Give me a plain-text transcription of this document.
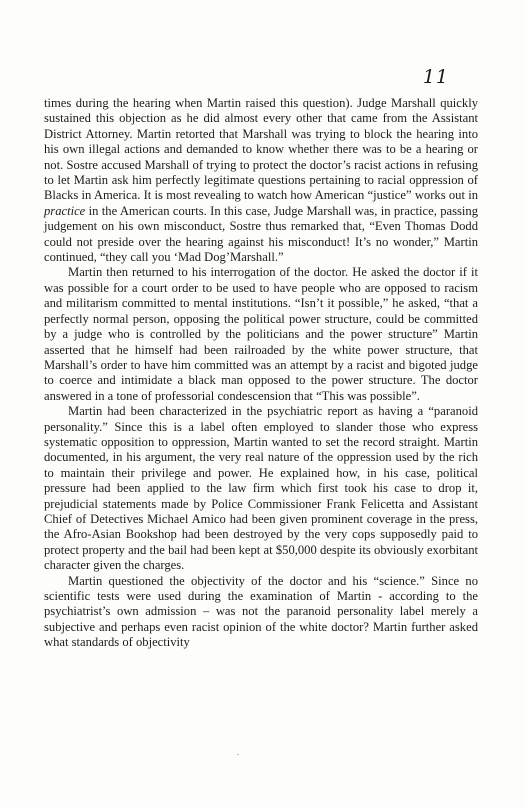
11

times during the hearing when Martin raised this question). Judge Marshall quickly sustained this objection as he did almost every other that came from the Assistant District Attorney. Martin retorted that Marshall was trying to block the hearing into his own illegal actions and demanded to know whether there was to be a hearing or not. Sostre accused Marshall of trying to protect the doctor’s racist actions in refusing to let Martin ask him perfectly legitimate questions pertaining to racial oppression of Blacks in America. It is most revealing to watch how American “justice” works out in practice in the American courts. In this case, Judge Marshall was, in practice, passing judgement on his own misconduct, Sostre thus remarked that, “Even Thomas Dodd could not preside over the hearing against his misconduct! It’s no wonder,” Martin continued, “they call you ‘Mad Dog’Marshall.”

Martin then returned to his interrogation of the doctor. He asked the doctor if it was possible for a court order to be used to have people who are opposed to racism and militarism committed to mental institutions. “Isn’t it possible,” he asked, “that a perfectly normal person, opposing the political power structure, could be committed by a judge who is controlled by the politicians and the power structure” Martin asserted that he himself had been railroaded by the white power structure, that Marshall’s order to have him committed was an attempt by a racist and bigoted judge to coerce and intimidate a black man opposed to the power structure. The doctor answered in a tone of professorial condescension that “This was possible”.

Martin had been characterized in the psychiatric report as having a “paranoid personality.” Since this is a label often employed to slander those who express systematic opposition to oppression, Martin wanted to set the record straight. Martin documented, in his argument, the very real nature of the oppression used by the rich to maintain their privilege and power. He explained how, in his case, political pressure had been applied to the law firm which first took his case to drop it, prejudicial statements made by Police Commissioner Frank Felicetta and Assistant Chief of Detectives Michael Amico had been given prominent coverage in the press, the Afro-Asian Bookshop had been destroyed by the very cops supposedly paid to protect property and the bail had been kept at $50,000 despite its obviously exorbitant character given the charges.

Martin questioned the objectivity of the doctor and his “science.” Since no scientific tests were used during the examination of Martin - according to the psychiatrist’s own admission – was not the paranoid personality label merely a subjective and perhaps even racist opinion of the white doctor? Martin further asked what standards of objectivity

.
